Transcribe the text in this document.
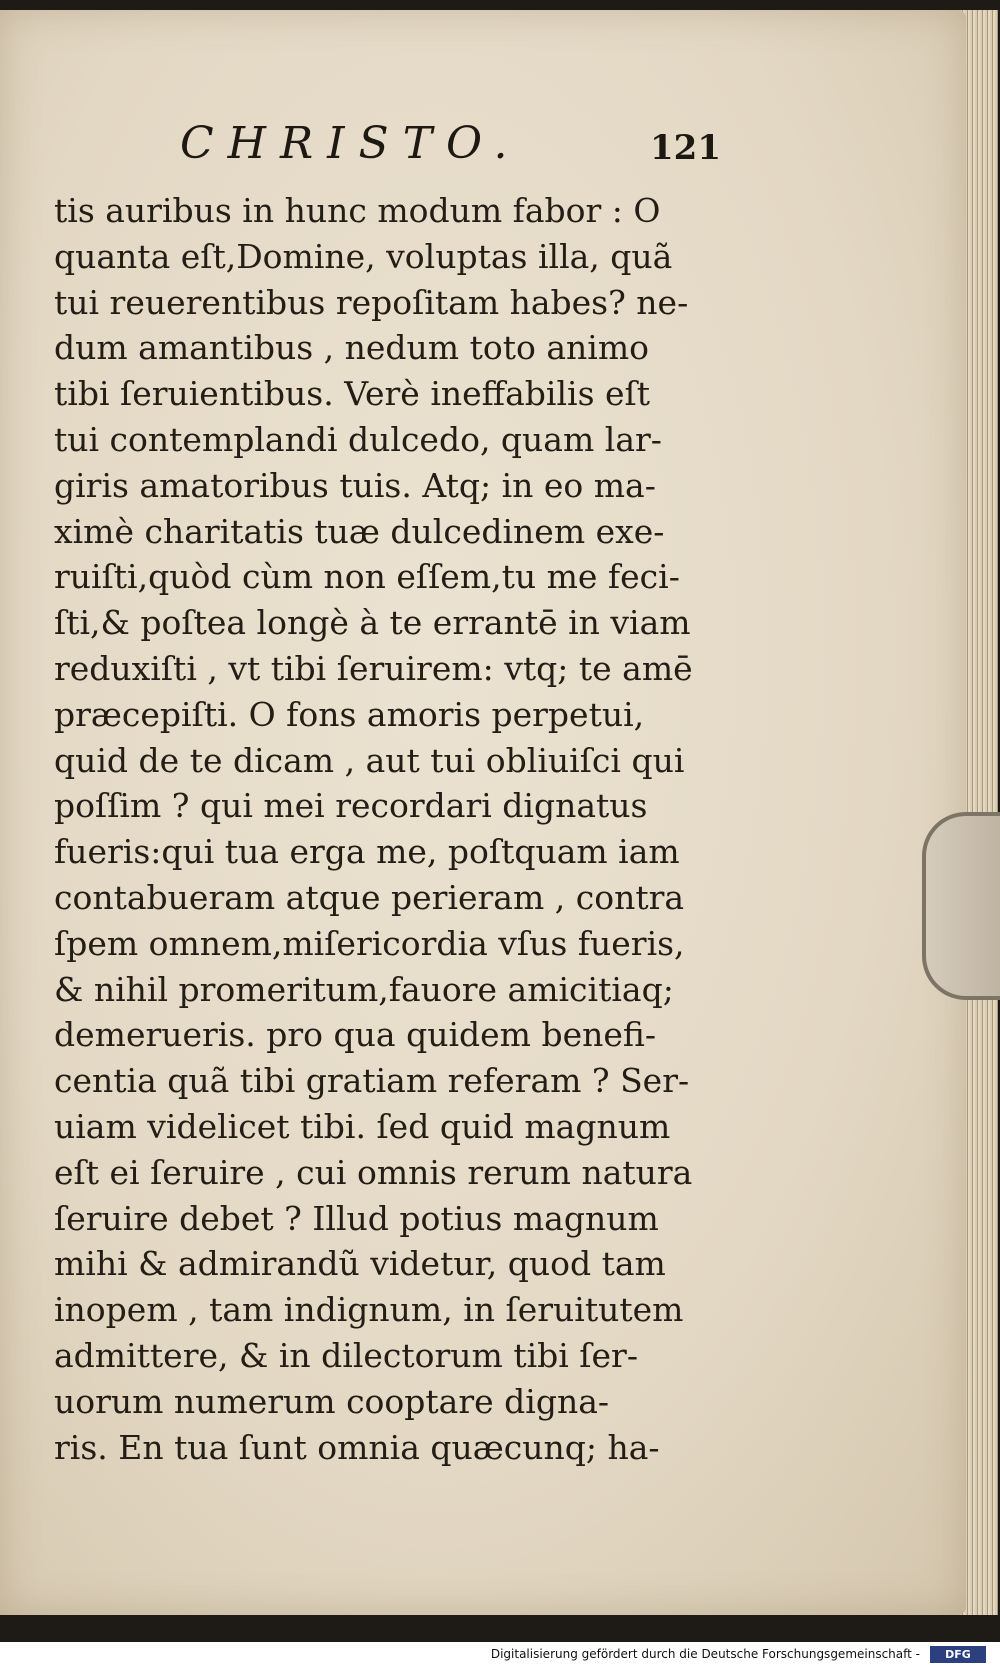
CHRISTO.	121
tis auribus in hunc modum fabor : O
quanta eſt,Domine, voluptas illa, quã
tui reuerentibus repoſitam habes? ne-
dum amantibus , nedum toto animo
tibi ſeruientibus. Verè ineffabilis eſt
tui contemplandi dulcedo, quam lar-
giris amatoribus tuis. Atq; in eo ma-
ximè charitatis tuæ dulcedinem exe-
ruiſti,quòd cùm non eſſem,tu me feci-
ſti,& poſtea longè à te errantē in viam
reduxiſti , vt tibi ſeruirem: vtq; te amē
præcepiſti. O fons amoris perpetui,
quid de te dicam , aut tui obliuiſci qui
poſſim ? qui mei recordari dignatus
fueris:qui tua erga me, poſtquam iam
contabueram atque perieram , contra
ſpem omnem,miſericordia vſus fueris,
& nihil promeritum,fauore amicitiaq;
demerueris. pro qua quidem benefi-
centia quã tibi gratiam referam ? Ser-
uiam videlicet tibi. ſed quid magnum
eſt ei ſeruire , cui omnis rerum natura
ſeruire debet ? Illud potius magnum
mihi & admirandũ videtur, quod tam
inopem , tam indignum, in ſeruitutem
admittere, & in dilectorum tibi ſer-
uorum numerum cooptare digna-
ris. En tua ſunt omnia quæcunq; ha-
Digitalisierung gefördert durch die Deutsche Forschungsgemeinschaft -	DFG
